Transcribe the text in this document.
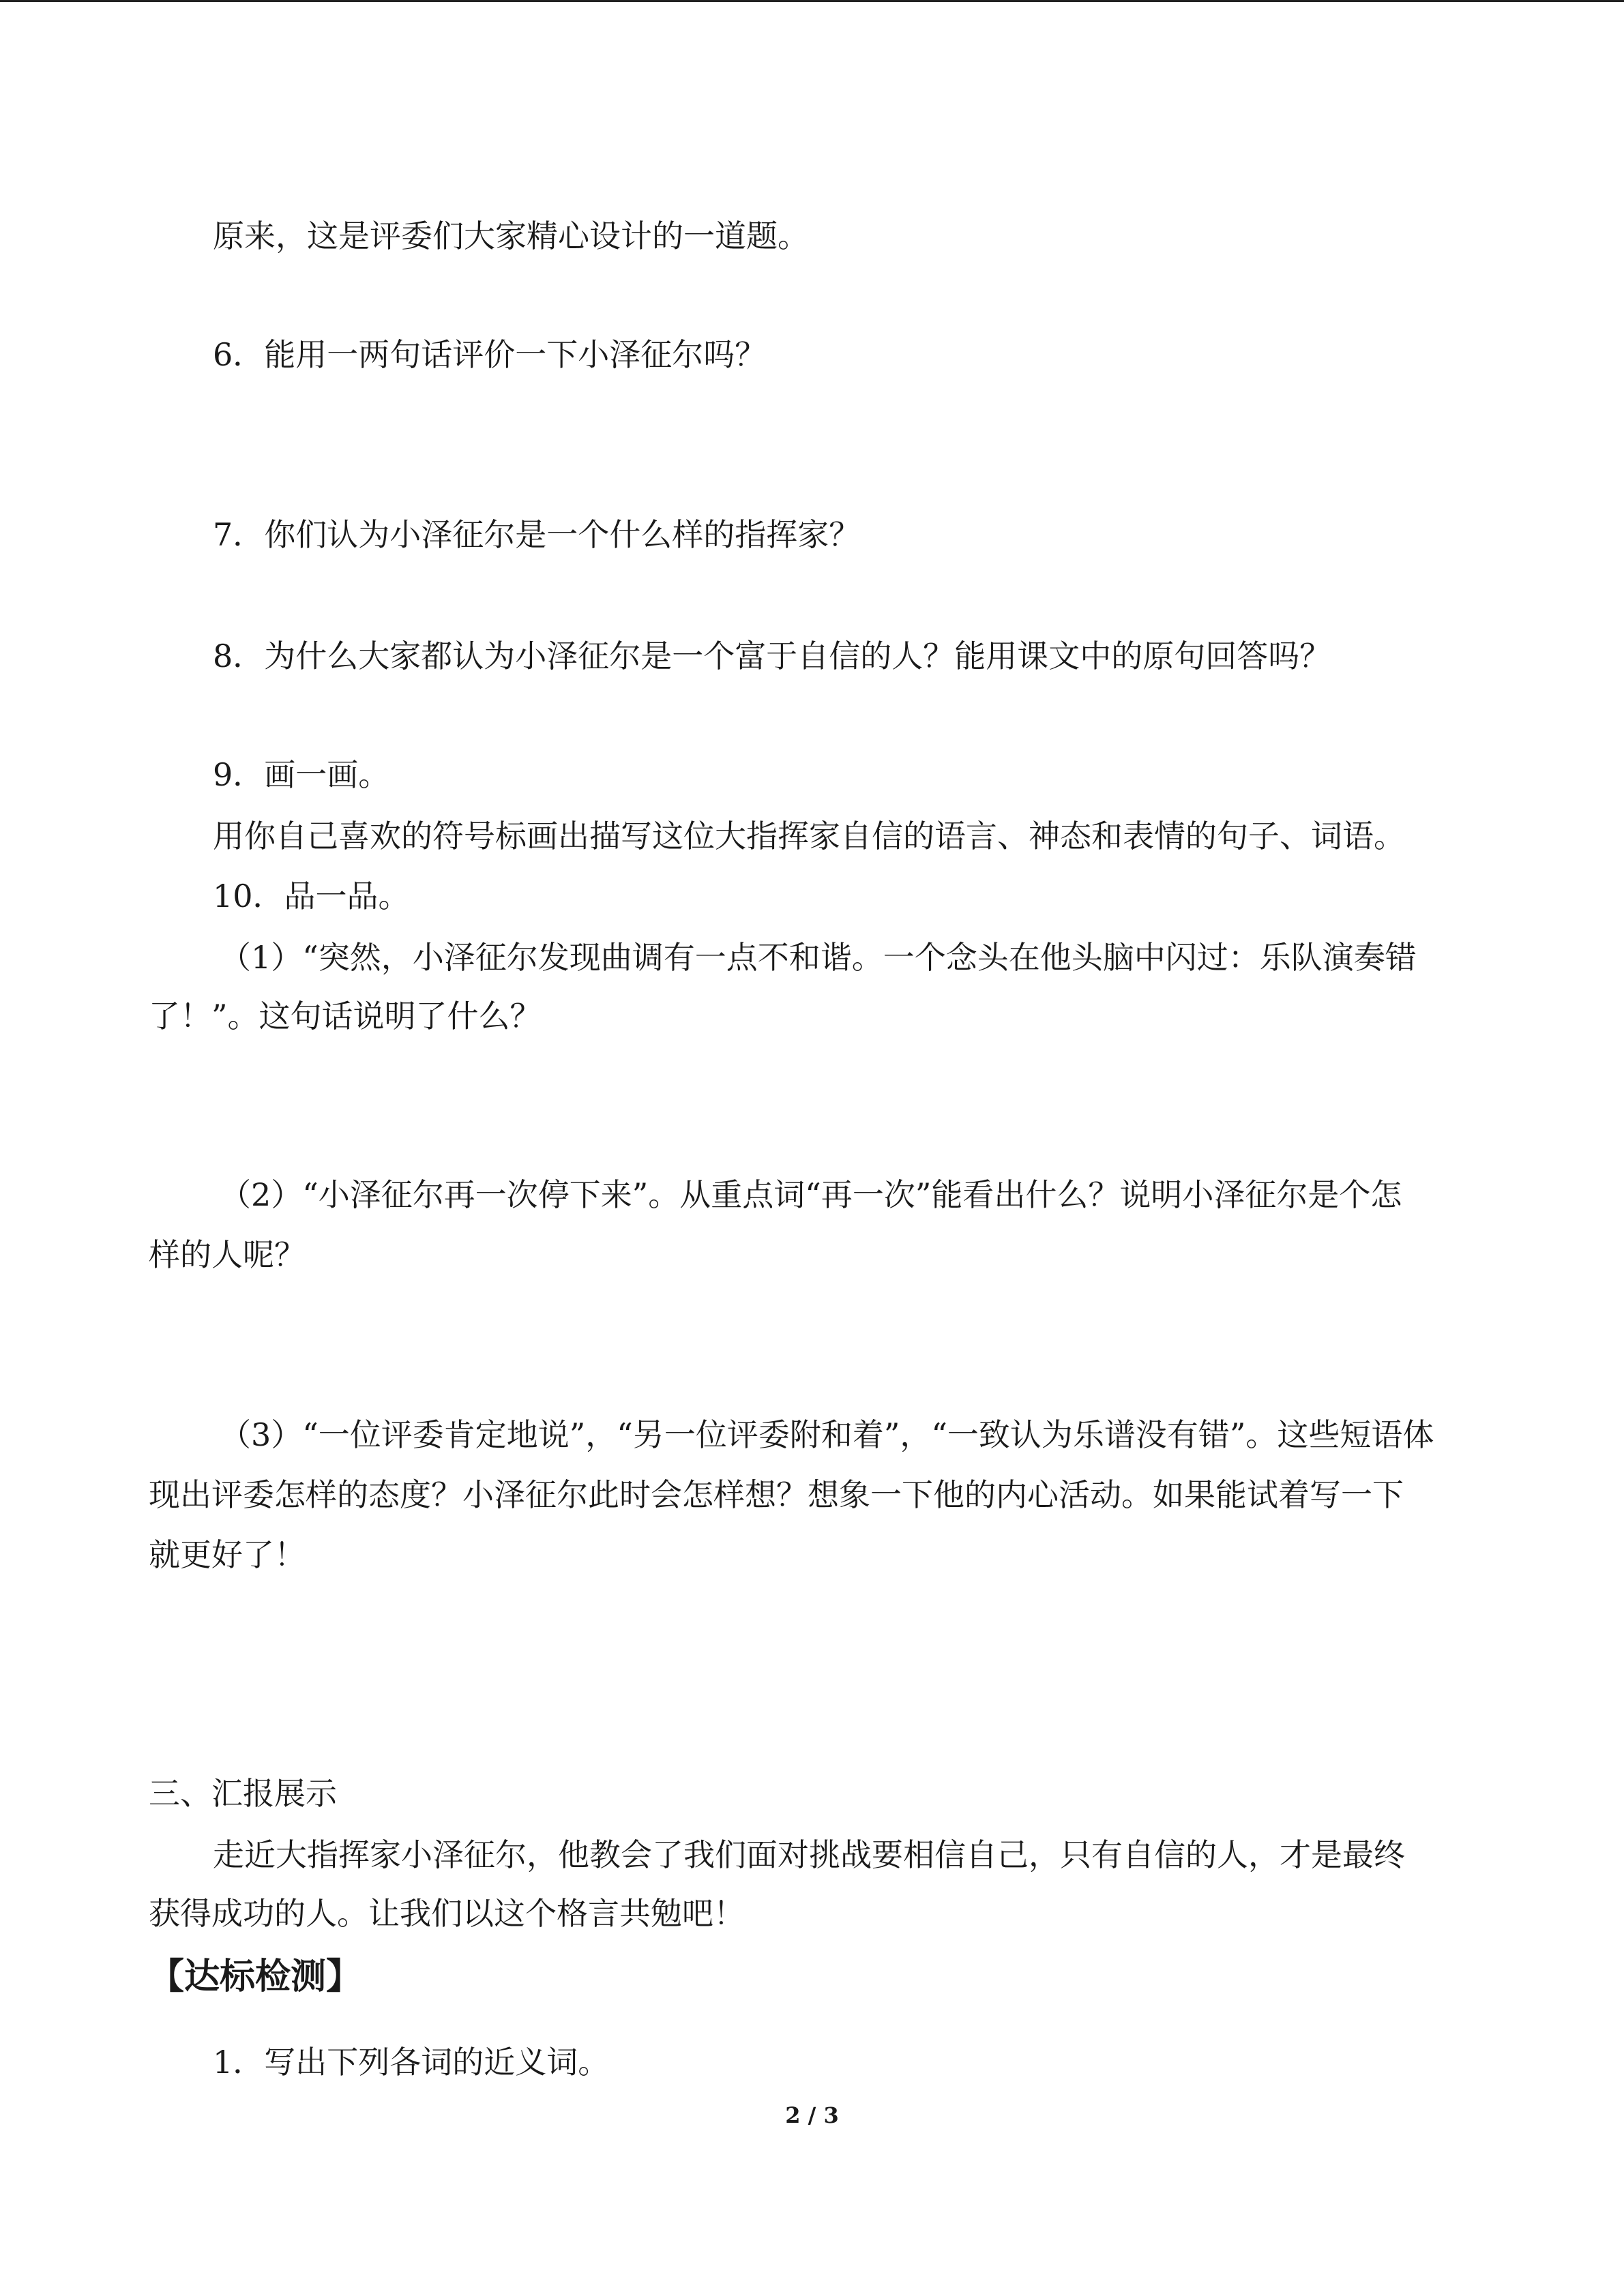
原来，这是评委们大家精心设计的一道题。
6．能用一两句话评价一下小泽征尔吗？
7．你们认为小泽征尔是一个什么样的指挥家？
8．为什么大家都认为小泽征尔是一个富于自信的人？能用课文中的原句回答吗？
9．画一画。
用你自己喜欢的符号标画出描写这位大指挥家自信的语言、神态和表情的句子、词语。
10．品一品。
（1）“突然，小泽征尔发现曲调有一点不和谐。一个念头在他头脑中闪过：乐队演奏错
了！”。这句话说明了什么？
（2）“小泽征尔再一次停下来”。从重点词“再一次”能看出什么？说明小泽征尔是个怎
样的人呢？
（3）“一位评委肯定地说”，“另一位评委附和着”，“一致认为乐谱没有错”。这些短语体
现出评委怎样的态度？小泽征尔此时会怎样想？想象一下他的内心活动。如果能试着写一下
就更好了！
三、汇报展示
走近大指挥家小泽征尔，他教会了我们面对挑战要相信自己，只有自信的人，才是最终
获得成功的人。让我们以这个格言共勉吧！
【达标检测】
1．写出下列各词的近义词。
2 / 3
